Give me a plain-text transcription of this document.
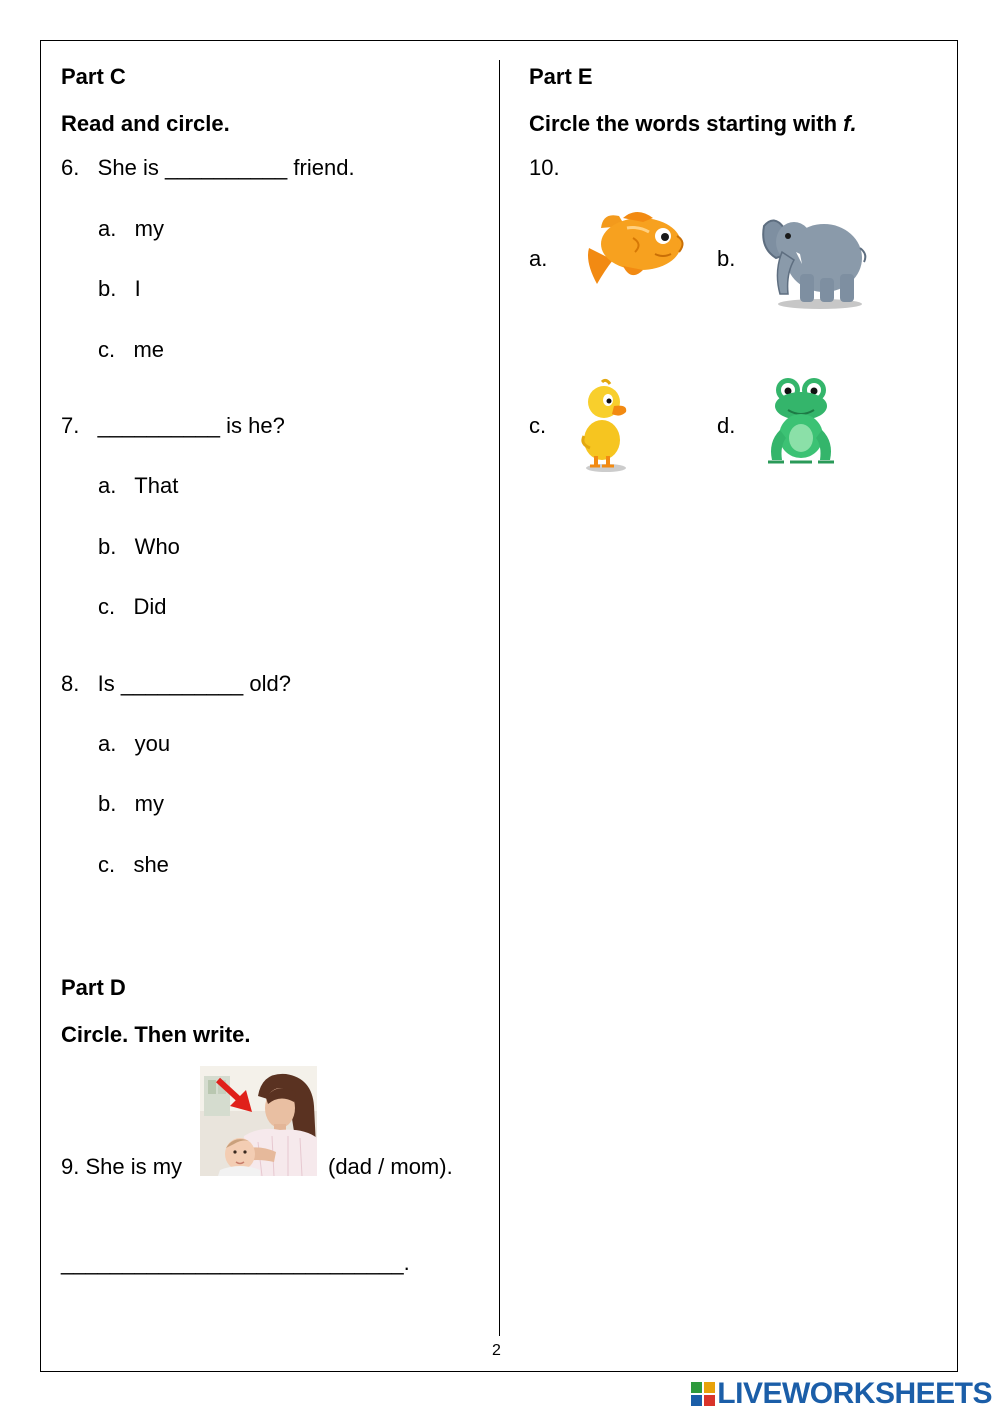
Part C
Read and circle.
6.   She is __________ friend.
a.   my
b.   I
c.   me
7.   __________ is he?
a.   That
b.   Who
c.   Did
8.   Is __________ old?
a.   you
b.   my
c.   she
Part D
Circle. Then write.
9. She is my	(dad / mom).
____________________________.
Part E
Circle the words starting with f.
10.
a.	b.
c.	d.
2
LIVEWORKSHEETS
